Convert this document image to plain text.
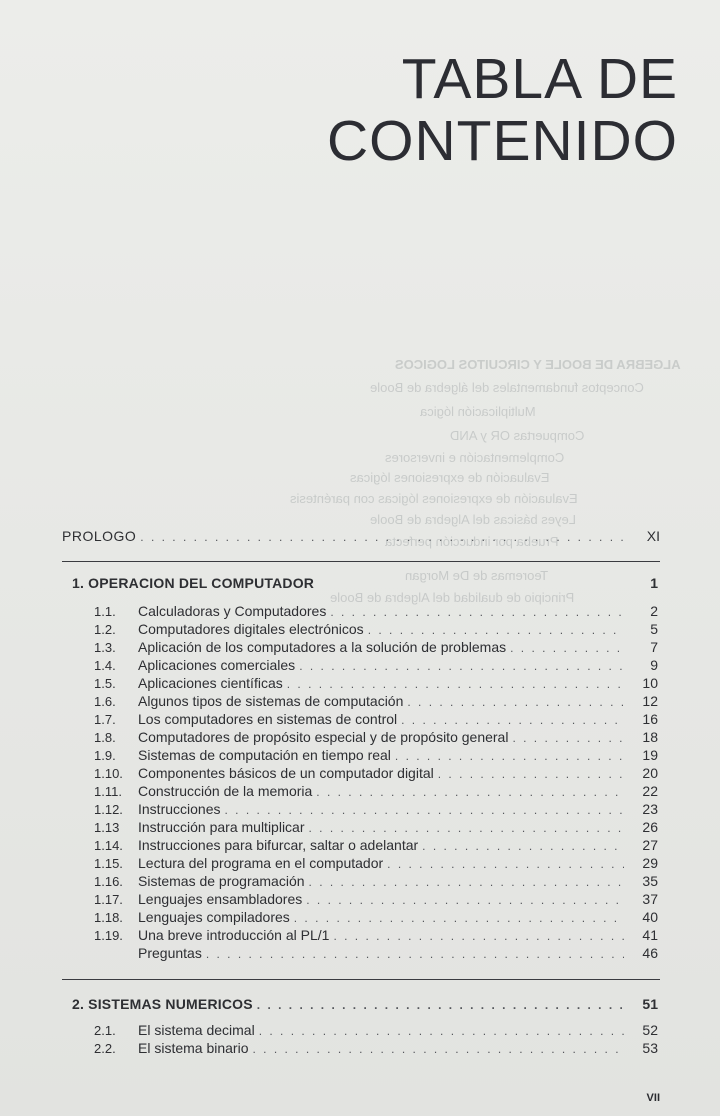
ALGEBRA DE BOOLE Y CIRCUITOS LOGICOS
Conceptos fundamentales del álgebra de Boole
Multiplicación lógica
Compuertas OR y AND
Complementación e inversores
Evaluación de expresiones lógicas
Evaluación de expresiones lógicas con paréntesis
Leyes básicas del Algebra de Boole
Prueba por inducción perfecta
Teoremas de De Morgan
Principio de dualidad del Algebra de Boole
TABLA DE
CONTENIDO
PROLOGO . . .	XI
1. OPERACION DEL COMPUTADOR	1
1.1.	Calculadoras y Computadores . . .	2
1.2.	Computadores digitales electrónicos . . .	5
1.3.	Aplicación de los computadores a la solución de problemas . . .	7
1.4.	Aplicaciones comerciales . . .	9
1.5.	Aplicaciones científicas . . .	10
1.6.	Algunos tipos de sistemas de computación . . .	12
1.7.	Los computadores en sistemas de control . . .	16
1.8.	Computadores de propósito especial y de propósito general . . .	18
1.9.	Sistemas de computación en tiempo real . . .	19
1.10.	Componentes básicos de un computador digital . . .	20
1.11.	Construcción de la memoria . . .	22
1.12.	Instrucciones . . .	23
1.13	Instrucción para multiplicar . . .	26
1.14.	Instrucciones para bifurcar, saltar o adelantar . . .	27
1.15.	Lectura del programa en el computador . . .	29
1.16.	Sistemas de programación . . .	35
1.17.	Lenguajes ensambladores . . .	37
1.18.	Lenguajes compiladores . . .	40
1.19.	Una breve introducción al PL/1 . . .	41
Preguntas . . .	46
2. SISTEMAS NUMERICOS . . .	51
2.1.	El sistema decimal . . .	52
2.2.	El sistema binario . . .	53
VII
